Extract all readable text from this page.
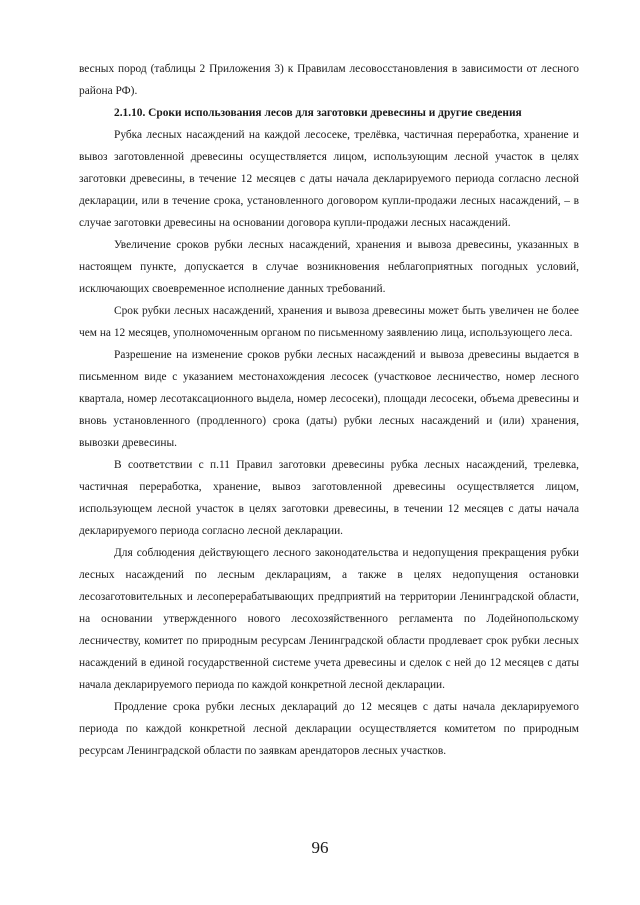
весных пород (таблицы 2 Приложения 3) к Правилам лесовосстановления в зависимости от лесного района РФ).

2.1.10. Сроки использования лесов для заготовки древесины и другие сведения

Рубка лесных насаждений на каждой лесосеке, трелёвка, частичная переработка, хранение и вывоз заготовленной древесины осуществляется лицом, использующим лесной участок в целях заготовки древесины, в течение 12 месяцев с даты начала декларируемого периода согласно лесной декларации, или в течение срока, установленного договором купли-продажи лесных насаждений, – в случае заготовки древесины на основании договора купли-продажи лесных насаждений.

Увеличение сроков рубки лесных насаждений, хранения и вывоза древесины, указанных в настоящем пункте, допускается в случае возникновения неблагоприятных погодных условий, исключающих своевременное исполнение данных требований.

Срок рубки лесных насаждений, хранения и вывоза древесины может быть увеличен не более чем на 12 месяцев, уполномоченным органом по письменному заявлению лица, использующего леса.

Разрешение на изменение сроков рубки лесных насаждений и вывоза древесины выдается в письменном виде с указанием местонахождения лесосек (участковое лесничество, номер лесного квартала, номер лесотаксационного выдела, номер лесосеки), площади лесосеки, объема древесины и вновь установленного (продленного) срока (даты) рубки лесных насаждений и (или) хранения, вывозки древесины.

В соответствии с п.11 Правил заготовки древесины рубка лесных насаждений, трелевка, частичная переработка, хранение, вывоз заготовленной древесины осуществляется лицом, использующем лесной участок в целях заготовки древесины, в течении 12 месяцев с даты начала декларируемого периода согласно лесной декларации.

Для соблюдения действующего лесного законодательства и недопущения прекращения рубки лесных насаждений по лесным декларациям, а также в целях недопущения остановки лесозаготовительных и лесоперерабатывающих предприятий на территории Ленинградской области, на основании утвержденного нового лесохозяйственного регламента по Лодейнопольскому лесничеству, комитет по природным ресурсам Ленинградской области продлевает срок рубки лесных насаждений в единой государственной системе учета древесины и сделок с ней до 12 месяцев с даты начала декларируемого периода по каждой конкретной лесной декларации.

Продление срока рубки лесных деклараций до 12 месяцев с даты начала декларируемого периода по каждой конкретной лесной декларации осуществляется комитетом по природным ресурсам Ленинградской области по заявкам арендаторов лесных участков.

96
